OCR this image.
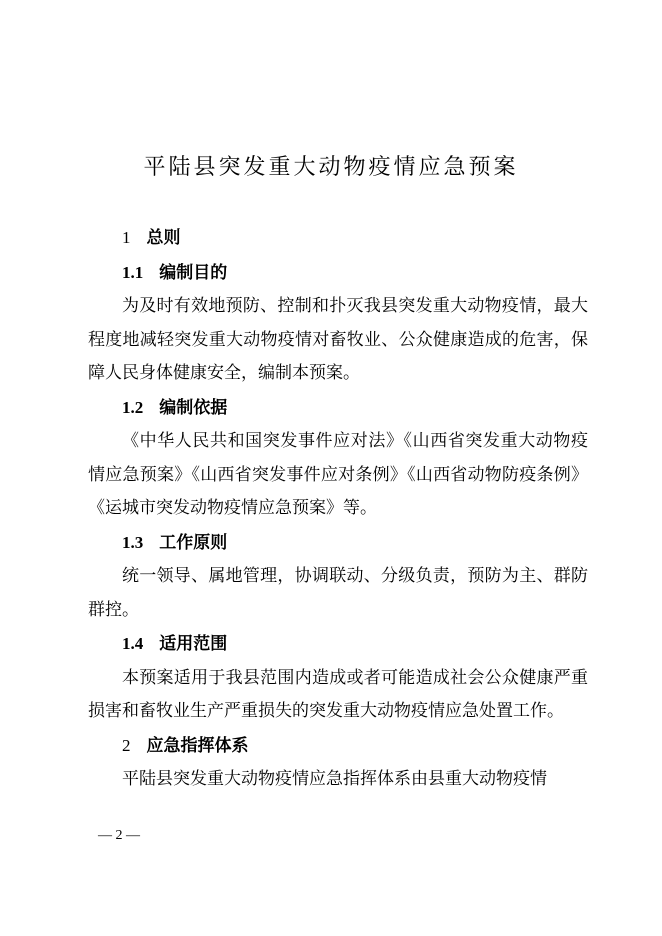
平陆县突发重大动物疫情应急预案
1 总则
1.1 编制目的
为及时有效地预防、控制和扑灭我县突发重大动物疫情，最大程度地减轻突发重大动物疫情对畜牧业、公众健康造成的危害，保障人民身体健康安全，编制本预案。
1.2 编制依据
《中华人民共和国突发事件应对法》《山西省突发重大动物疫情应急预案》《山西省突发事件应对条例》《山西省动物防疫条例》《运城市突发动物疫情应急预案》等。
1.3 工作原则
统一领导、属地管理，协调联动、分级负责，预防为主、群防群控。
1.4 适用范围
本预案适用于我县范围内造成或者可能造成社会公众健康严重损害和畜牧业生产严重损失的突发重大动物疫情应急处置工作。
2 应急指挥体系
平陆县突发重大动物疫情应急指挥体系由县重大动物疫情
— 2 —
